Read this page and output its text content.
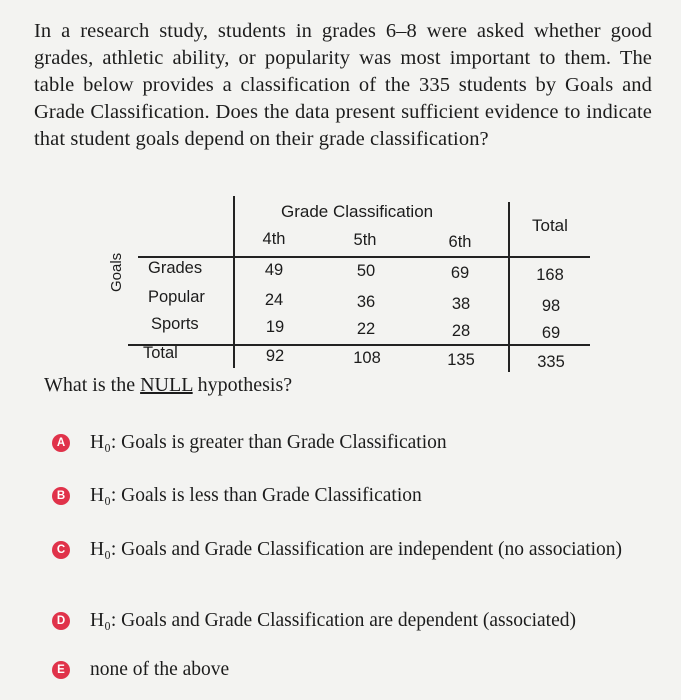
In a research study, students in grades 6–8 were asked whether good grades, athletic ability, or popularity was most important to them. The table below provides a classification of the 335 students by Goals and Grade Classification. Does the data present sufficient evidence to indicate that student goals depend on their grade classification?
Grade Classification
Total
4th	5th	6th
Goals Grades	49	50	69	168
Popular	24	36	38	98
Sports	19	22	28	69
Total	92	108	135	335
What is the NULL hypothesis?
A H₀: Goals is greater than Grade Classification
B H₀: Goals is less than Grade Classification
C H₀: Goals and Grade Classification are independent (no association)
D H₀: Goals and Grade Classification are dependent (associated)
E none of the above
